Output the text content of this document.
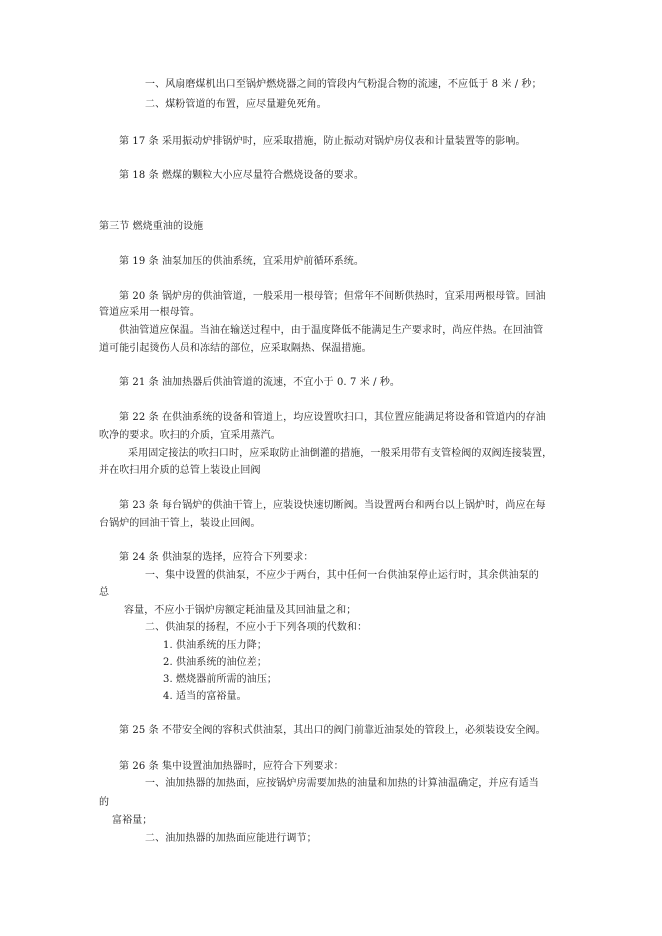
一、风扇磨煤机出口至锅炉燃烧器之间的管段内气粉混合物的流速，不应低于 8 米 / 秒；
二、煤粉管道的布置，应尽量避免死角。
第 17 条 采用振动炉排锅炉时，应采取措施，防止振动对锅炉房仪表和计量装置等的影响。
第 18 条 燃煤的颗粒大小应尽量符合燃烧设备的要求。
第三节 燃烧重油的设施
第 19 条 油泵加压的供油系统，宜采用炉前循环系统。
第 20 条 锅炉房的供油管道，一般采用一根母管；但常年不间断供热时，宜采用两根母管。回油
管道应采用一根母管。
供油管道应保温。当油在输送过程中，由于温度降低不能满足生产要求时，尚应伴热。在回油管
道可能引起烫伤人员和冻结的部位，应采取隔热、保温措施。
第 21 条 油加热器后供油管道的流速，不宜小于 0. 7 米 / 秒。
第 22 条 在供油系统的设备和管道上，均应设置吹扫口，其位置应能满足将设备和管道内的存油
吹净的要求。吹扫的介质，宜采用蒸汽。
采用固定接法的吹扫口时，应采取防止油倒灌的措施，一般采用带有支管检阀的双阀连接装置，
并在吹扫用介质的总管上装设止回阀
第 23 条 每台锅炉的供油干管上，应装设快速切断阀。当设置两台和两台以上锅炉时，尚应在每
台锅炉的回油干管上，装设止回阀。
第 24 条 供油泵的选择，应符合下列要求：
一、集中设置的供油泵，不应少于两台，其中任何一台供油泵停止运行时，其余供油泵的
总
容量，不应小于锅炉房额定耗油量及其回油量之和；
二、供油泵的扬程，不应小于下列各项的代数和：
1. 供油系统的压力降；
2. 供油系统的油位差；
3. 燃烧器前所需的油压；
4. 适当的富裕量。
第 25 条 不带安全阀的容积式供油泵，其出口的阀门前靠近油泵处的管段上，必须装设安全阀。
第 26 条 集中设置油加热器时，应符合下列要求：
一、油加热器的加热面，应按锅炉房需要加热的油量和加热的计算油温确定，并应有适当
的
富裕量；
二、油加热器的加热面应能进行调节；
